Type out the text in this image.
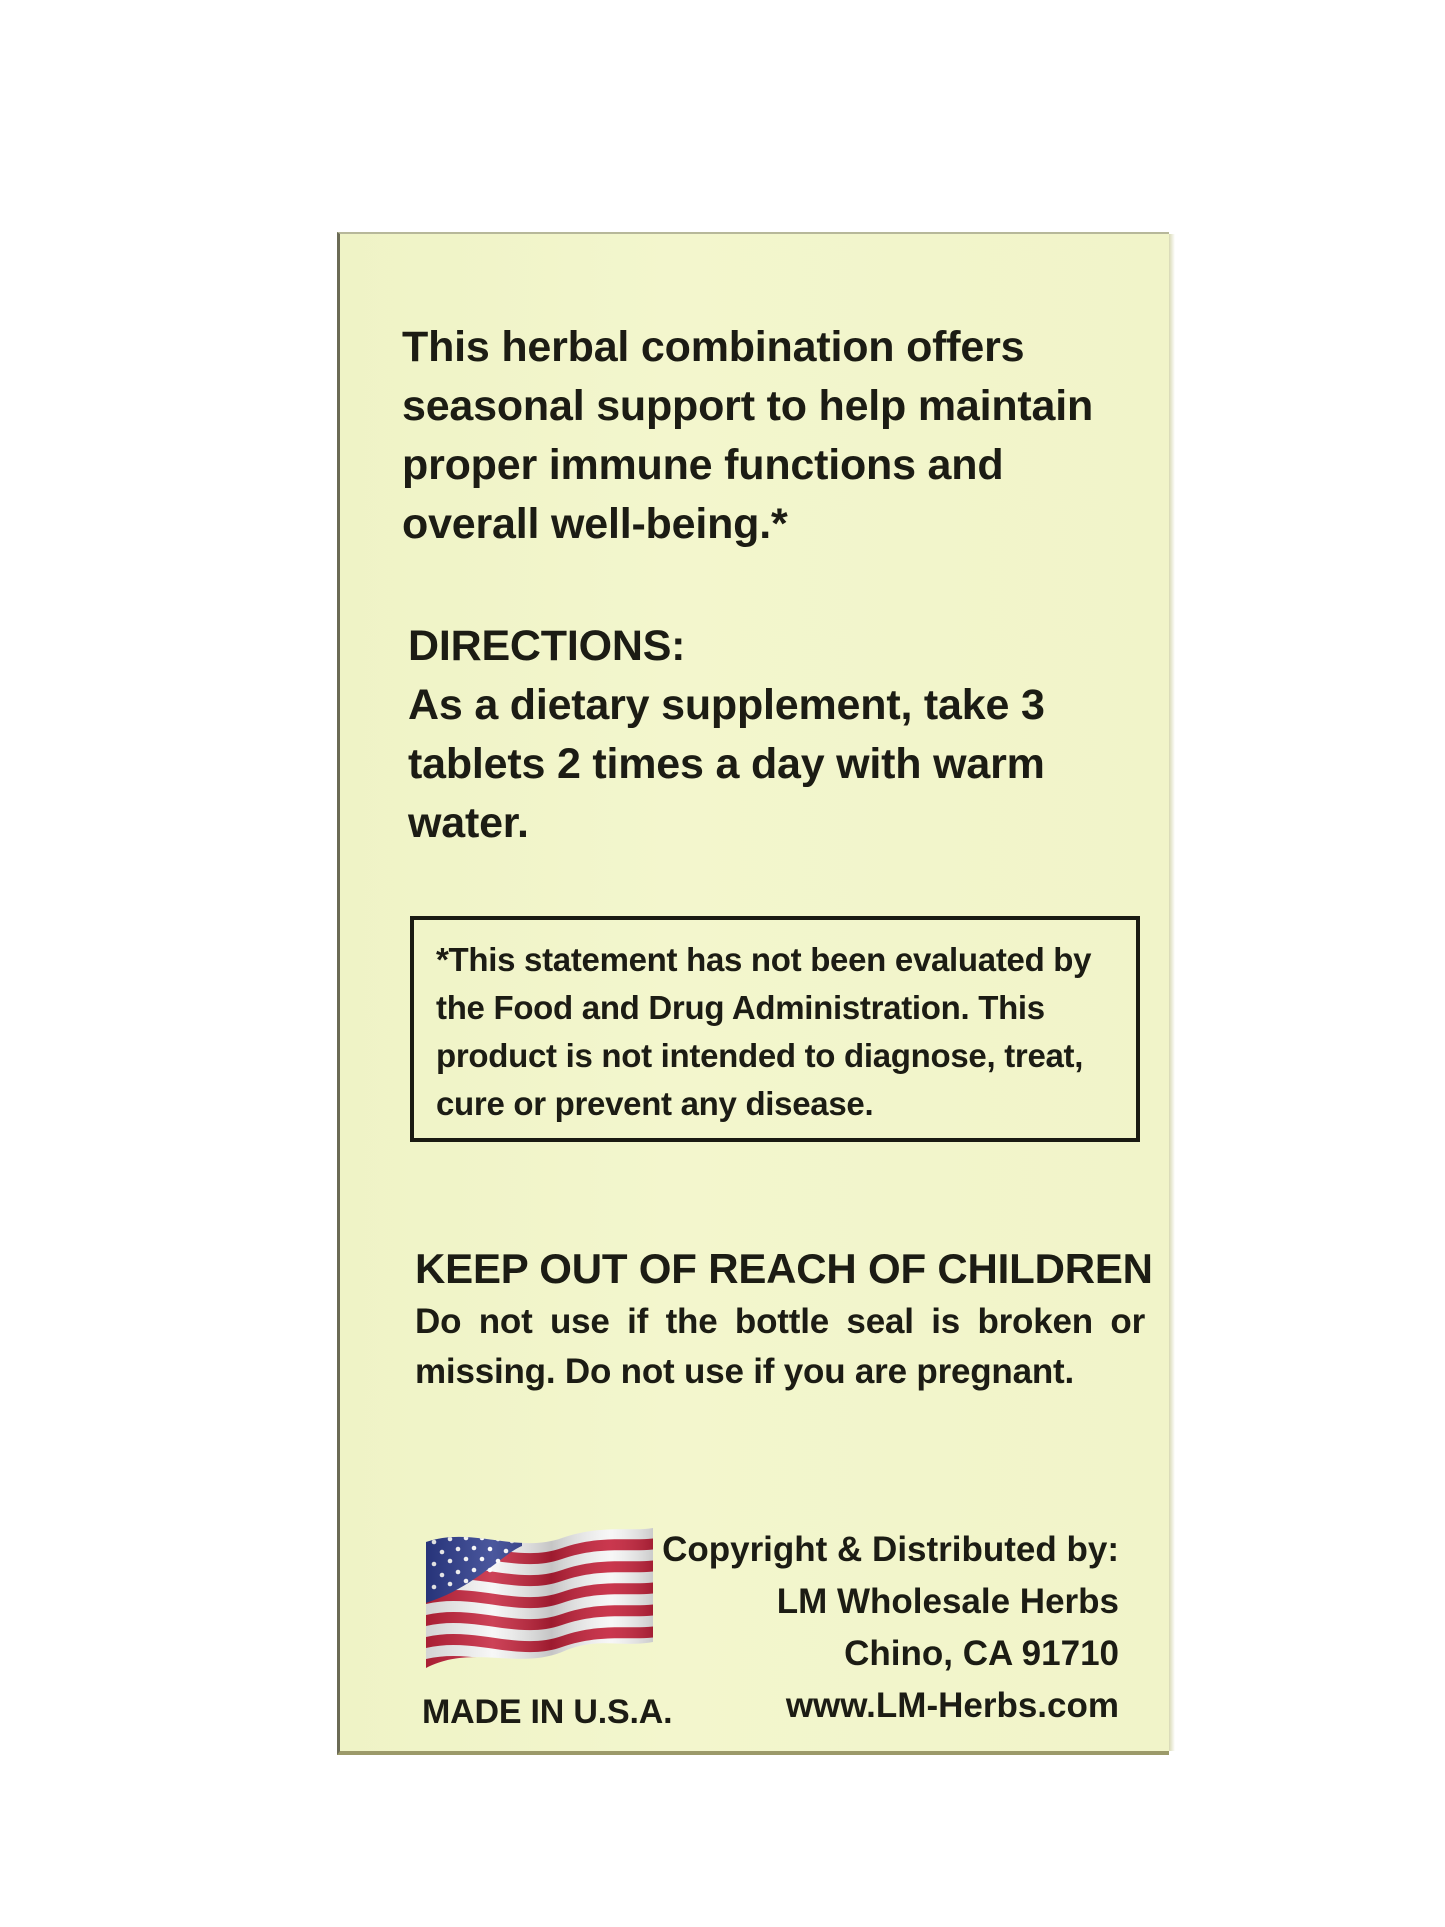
This herbal combination offers seasonal support to help maintain proper immune functions and overall well-being.*

DIRECTIONS:

As a dietary supplement, take 3 tablets 2 times a day with warm water.

*This statement has not been evaluated by the Food and Drug Administration. This product is not intended to diagnose, treat, cure or prevent any disease.

KEEP OUT OF REACH OF CHILDREN

Do not use if the bottle seal is broken or missing. Do not use if you are pregnant.

MADE IN U.S.A.

Copyright & Distributed by:
LM Wholesale Herbs
Chino, CA 91710
www.LM-Herbs.com
